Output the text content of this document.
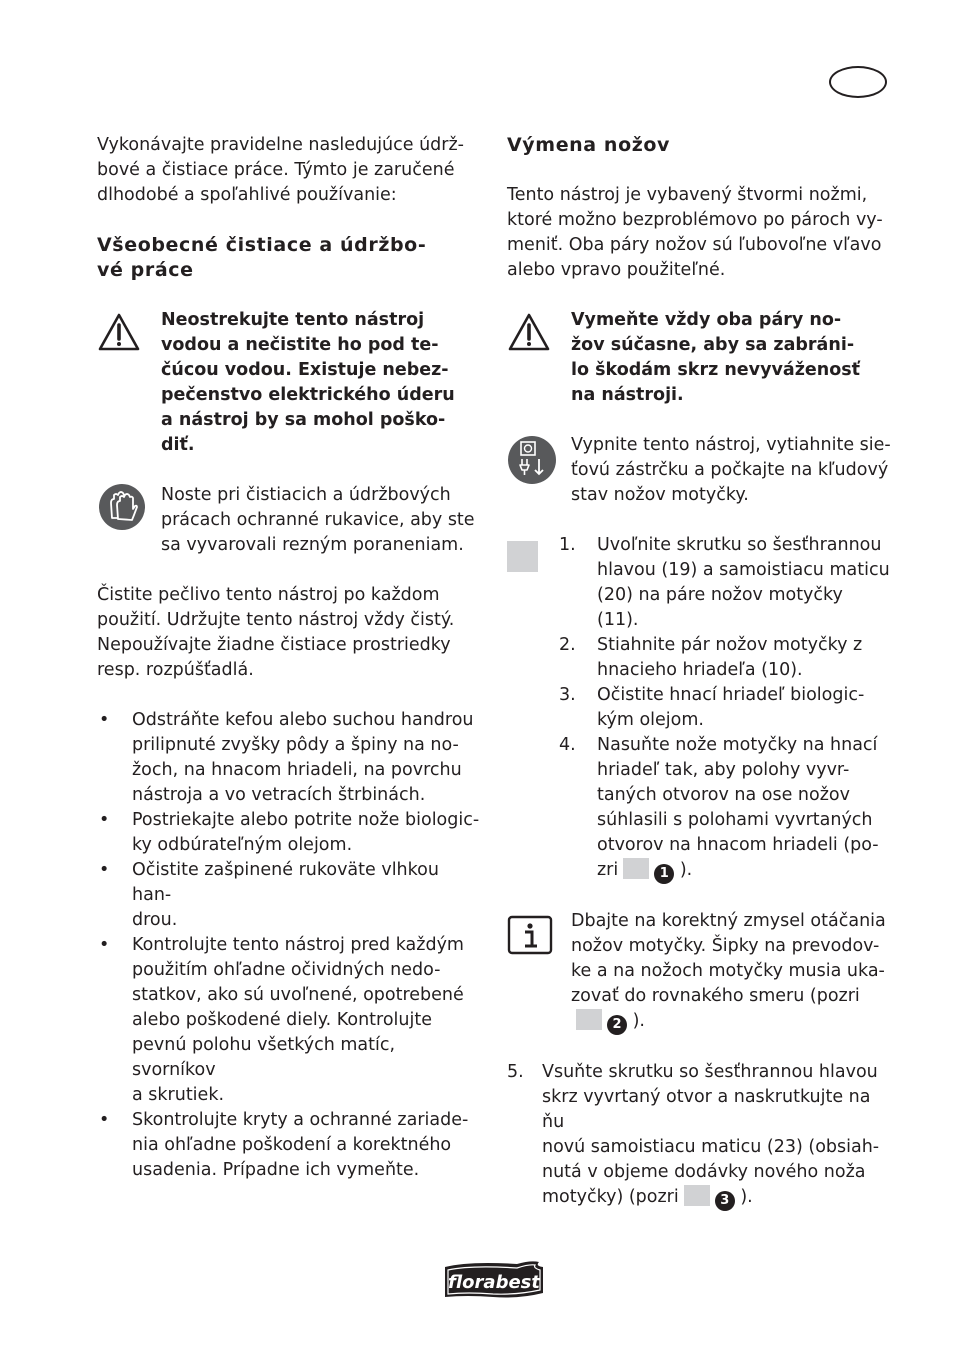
Vykonávajte pravidelne nasledujúce údrž-
bové a čistiace práce. Týmto je zaručené
dlhodobé a spoľahlivé používanie:

Všeobecné čistiace a údržbo-
vé práce
Neostrekujte tento nástroj
vodou a nečistite ho pod te-
čúcou vodou. Existuje nebez-
pečenstvo elektrického úderu
a nástroj by sa mohol poško-
diť.
Noste pri čistiacich a údržbových
prácach ochranné rukavice, aby ste
sa vyvarovali rezným poraneniam.

Čistite pečlivo tento nástroj po každom
použití. Udržujte tento nástroj vždy čistý.
Nepoužívajte žiadne čistiace prostriedky
resp. rozpúšťadlá.

• Odstráňte kefou alebo suchou handrou
prilipnuté zvyšky pôdy a špiny na no-
žoch, na hnacom hriadeli, na povrchu
nástroja a vo vetracích štrbinách.
• Postriekajte alebo potrite nože biologic-
ky odbúrateľným olejom.
• Očistite zašpinené rukoväte vlhkou han-
drou.
• Kontrolujte tento nástroj pred každým
použitím ohľadne očividných nedo-
statkov, ako sú uvoľnené, opotrebené
alebo poškodené diely. Kontrolujte
pevnú polohu všetkých matíc, svorníkov
a skrutiek.
• Skontrolujte kryty a ochranné zariade-
nia ohľadne poškodení a korektného
usadenia. Prípadne ich vymeňte.
Výmena nožov

Tento nástroj je vybavený štvormi nožmi,
ktoré možno bezproblémovo po pároch vy-
meniť. Oba páry nožov sú ľubovoľne vľavo
alebo vpravo použiteľné.

Vymeňte vždy oba páry no-
žov súčasne, aby sa zabráni-
lo škodám skrz nevyváženosť
na nástroji.
Vypnite tento nástroj, vytiahnite sie-
ťovú zástrčku a počkajte na kľudový
stav nožov motyčky.
1. Uvoľnite skrutku so šesťhrannou
hlavou (19) a samoistiacu maticu
(20) na páre nožov motyčky
(11).
2. Stiahnite pár nožov motyčky z
hnacieho hriadeľa (10).
3. Očistite hnací hriadeľ biologic-
kým olejom.
4. Nasuňte nože motyčky na hnací
hriadeľ tak, aby polohy vyvr-
taných otvorov na ose nožov
súhlasili s polohami vyvrtaných
otvorov na hnacom hriadeli (po-
zri	1 ).
Dbajte na korektný zmysel otáčania
nožov motyčky. Šipky na prevodov-
ke a na nožoch motyčky musia uka-
zovať do rovnakého smeru (pozri
2 ).
5. Vsuňte skrutku so šesťhrannou hlavou
skrz vyvrtaný otvor a naskrutkujte na ňu
novú samoistiacu maticu (23) (obsiah-
nutá v objeme dodávky nového noža
motyčky) (pozri	3 ).
florabest
